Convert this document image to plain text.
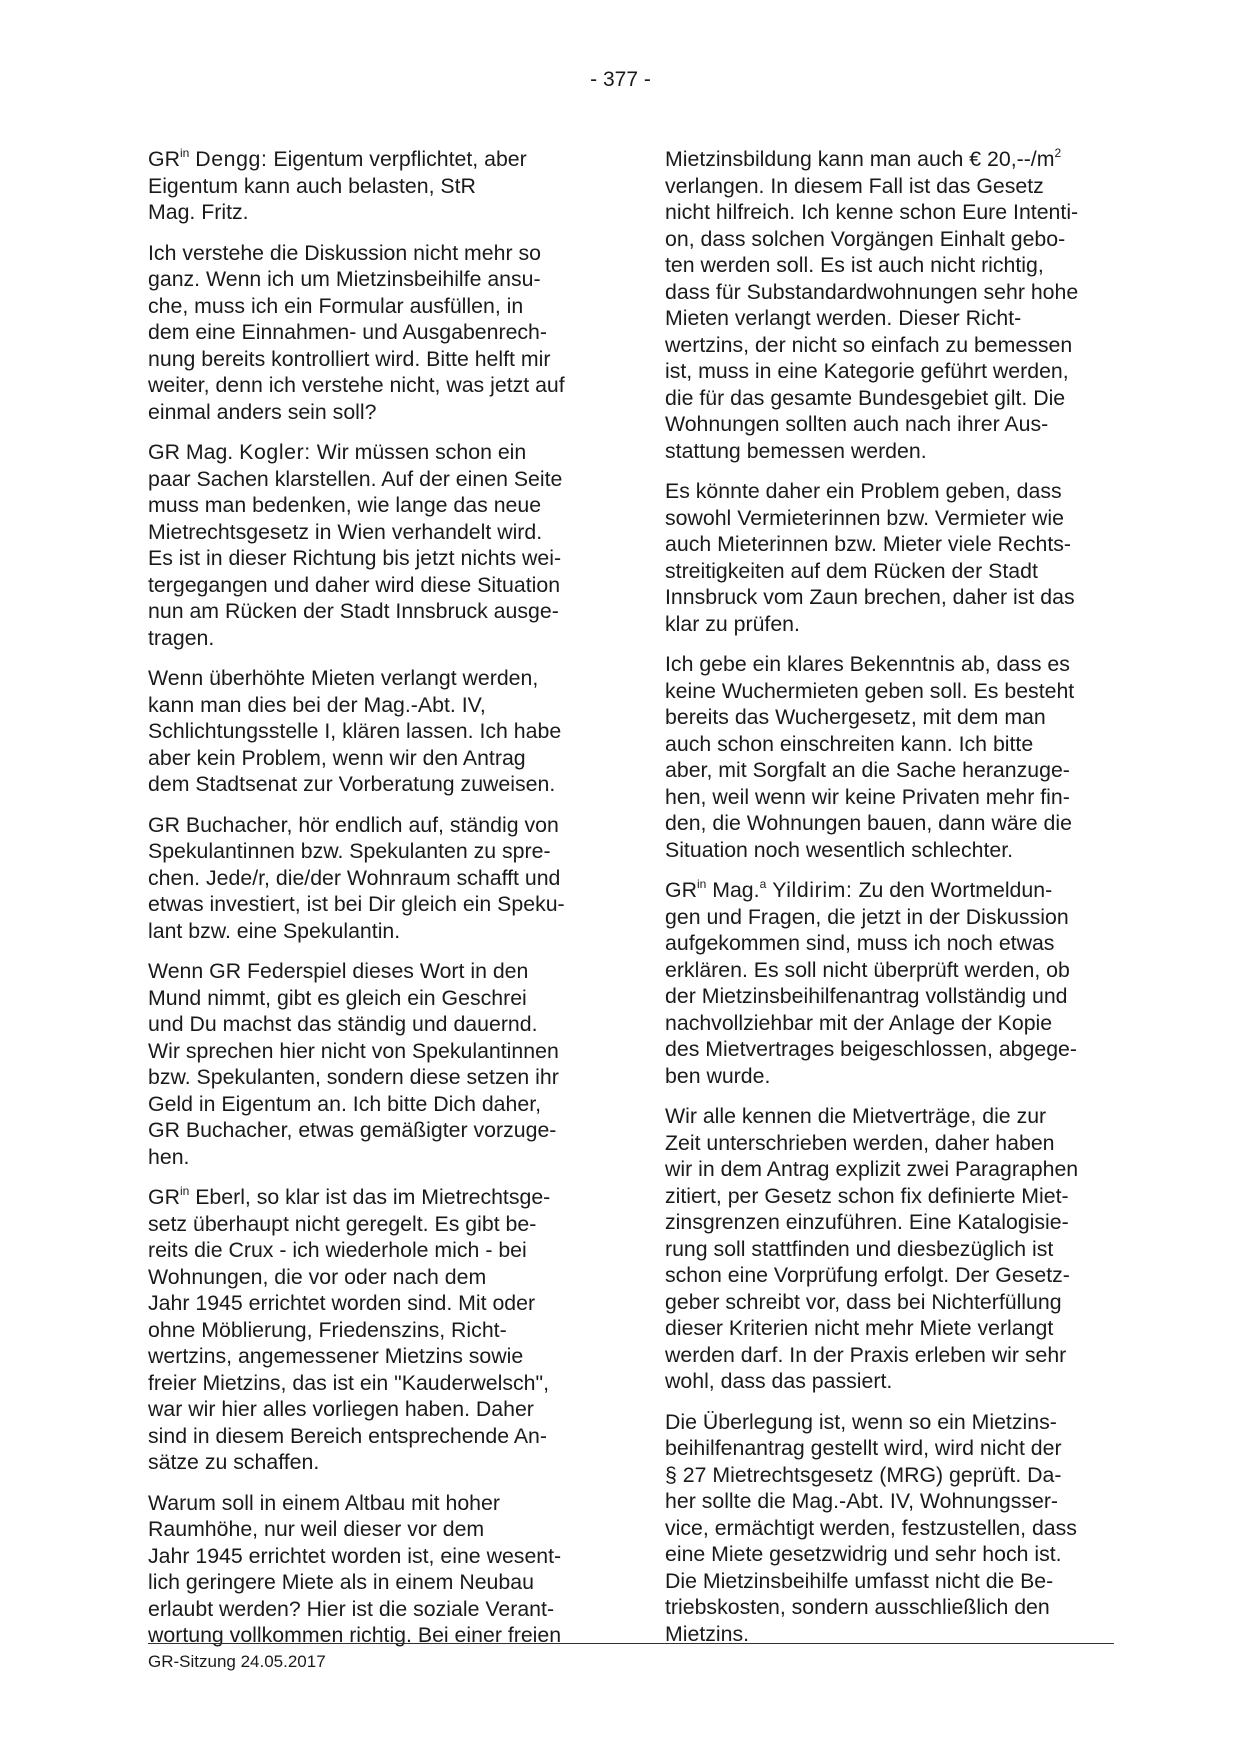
- 377 -
$GR^{in}$ Dengg: Eigentum verpflichtet, aber
Eigentum kann auch belasten, StR
Mag. Fritz.
Ich verstehe die Diskussion nicht mehr so
ganz. Wenn ich um Mietzinsbeihilfe ansu-
che, muss ich ein Formular ausfüllen, in
dem eine Einnahmen- und Ausgabenrech-
nung bereits kontrolliert wird. Bitte helft mir
weiter, denn ich verstehe nicht, was jetzt auf
einmal anders sein soll?
GR Mag. Kogler: Wir müssen schon ein
paar Sachen klarstellen. Auf der einen Seite
muss man bedenken, wie lange das neue
Mietrechtsgesetz in Wien verhandelt wird.
Es ist in dieser Richtung bis jetzt nichts wei-
tergegangen und daher wird diese Situation
nun am Rücken der Stadt Innsbruck ausge-
tragen.
Wenn überhöhte Mieten verlangt werden,
kann man dies bei der Mag.-Abt. IV,
Schlichtungsstelle I, klären lassen. Ich habe
aber kein Problem, wenn wir den Antrag
dem Stadtsenat zur Vorberatung zuweisen.
GR Buchacher, hör endlich auf, ständig von
Spekulantinnen bzw. Spekulanten zu spre-
chen. Jede/r, die/der Wohnraum schafft und
etwas investiert, ist bei Dir gleich ein Speku-
lant bzw. eine Spekulantin.
Wenn GR Federspiel dieses Wort in den
Mund nimmt, gibt es gleich ein Geschrei
und Du machst das ständig und dauernd.
Wir sprechen hier nicht von Spekulantinnen
bzw. Spekulanten, sondern diese setzen ihr
Geld in Eigentum an. Ich bitte Dich daher,
GR Buchacher, etwas gemäßigter vorzuge-
hen.
$GR^{in}$ Eberl, so klar ist das im Mietrechtsge-
setz überhaupt nicht geregelt. Es gibt be-
reits die Crux - ich wiederhole mich - bei
Wohnungen, die vor oder nach dem
Jahr 1945 errichtet worden sind. Mit oder
ohne Möblierung, Friedenszins, Richt-
wertzins, angemessener Mietzins sowie
freier Mietzins, das ist ein "Kauderwelsch",
war wir hier alles vorliegen haben. Daher
sind in diesem Bereich entsprechende An-
sätze zu schaffen.
Warum soll in einem Altbau mit hoher
Raumhöhe, nur weil dieser vor dem
Jahr 1945 errichtet worden ist, eine wesent-
lich geringere Miete als in einem Neubau
erlaubt werden? Hier ist die soziale Verant-
wortung vollkommen richtig. Bei einer freien
Mietzinsbildung kann man auch € $20,--/m^2$
verlangen. In diesem Fall ist das Gesetz
nicht hilfreich. Ich kenne schon Eure Intenti-
on, dass solchen Vorgängen Einhalt gebo-
ten werden soll. Es ist auch nicht richtig,
dass für Substandardwohnungen sehr hohe
Mieten verlangt werden. Dieser Richt-
wertzins, der nicht so einfach zu bemessen
ist, muss in eine Kategorie geführt werden,
die für das gesamte Bundesgebiet gilt. Die
Wohnungen sollten auch nach ihrer Aus-
stattung bemessen werden.
Es könnte daher ein Problem geben, dass
sowohl Vermieterinnen bzw. Vermieter wie
auch Mieterinnen bzw. Mieter viele Rechts-
streitigkeiten auf dem Rücken der Stadt
Innsbruck vom Zaun brechen, daher ist das
klar zu prüfen.
Ich gebe ein klares Bekenntnis ab, dass es
keine Wuchermieten geben soll. Es besteht
bereits das Wuchergesetz, mit dem man
auch schon einschreiten kann. Ich bitte
aber, mit Sorgfalt an die Sache heranzuge-
hen, weil wenn wir keine Privaten mehr fin-
den, die Wohnungen bauen, dann wäre die
Situation noch wesentlich schlechter.
$GR^{in}$ Mag.$^a$ Yildirim: Zu den Wortmeldun-
gen und Fragen, die jetzt in der Diskussion
aufgekommen sind, muss ich noch etwas
erklären. Es soll nicht überprüft werden, ob
der Mietzinsbeihilfenantrag vollständig und
nachvollziehbar mit der Anlage der Kopie
des Mietvertrages beigeschlossen, abgege-
ben wurde.
Wir alle kennen die Mietverträge, die zur
Zeit unterschrieben werden, daher haben
wir in dem Antrag explizit zwei Paragraphen
zitiert, per Gesetz schon fix definierte Miet-
zinsgrenzen einzuführen. Eine Katalogisie-
rung soll stattfinden und diesbezüglich ist
schon eine Vorprüfung erfolgt. Der Gesetz-
geber schreibt vor, dass bei Nichterfüllung
dieser Kriterien nicht mehr Miete verlangt
werden darf. In der Praxis erleben wir sehr
wohl, dass das passiert.
Die Überlegung ist, wenn so ein Mietzins-
beihilfenantrag gestellt wird, wird nicht der
§ 27 Mietrechtsgesetz (MRG) geprüft. Da-
her sollte die Mag.-Abt. IV, Wohnungsser-
vice, ermächtigt werden, festzustellen, dass
eine Miete gesetzwidrig und sehr hoch ist.
Die Mietzinsbeihilfe umfasst nicht die Be-
triebskosten, sondern ausschließlich den
Mietzins.
GR-Sitzung 24.05.2017
